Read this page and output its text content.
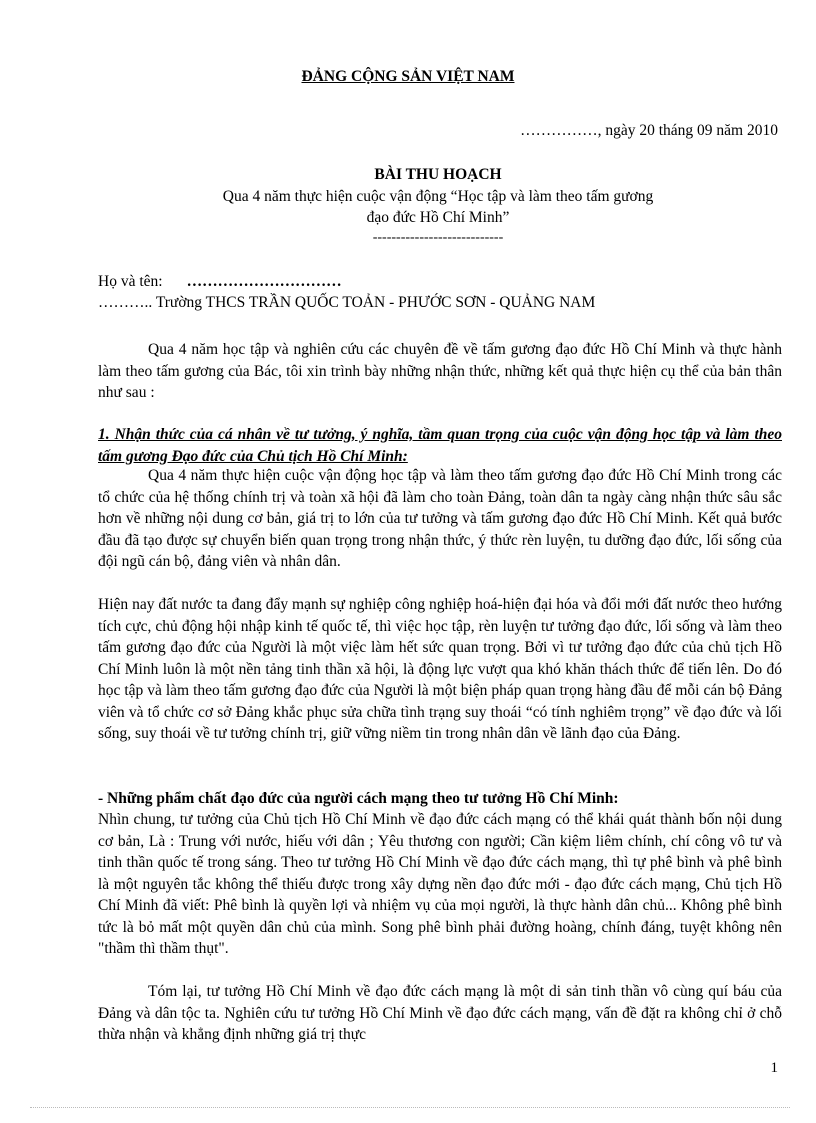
ĐẢNG CỘNG SẢN VIỆT NAM
……………, ngày 20 tháng 09 năm 2010
BÀI THU HOẠCH
Qua 4 năm thực hiện cuộc vận động “Học tập và làm theo tấm gương
đạo đức Hồ Chí Minh”
----------------------------
Họ và tên: …………………………
……….. Trường THCS TRẦN QUỐC TOẢN - PHƯỚC SƠN - QUẢNG NAM

Qua 4 năm học tập và nghiên cứu các chuyên đề về tấm gương đạo đức Hồ Chí Minh và thực hành làm theo tấm gương của Bác, tôi xin trình bày những nhận thức, những kết quả thực hiện cụ thể của bản thân như sau :

1. Nhận thức của cá nhân về tư tưởng, ý nghĩa, tầm quan trọng của cuộc vận động học tập và làm theo tấm gương Đạo đức của Chủ tịch Hồ Chí Minh:

Qua 4 năm thực hiện cuộc vận động học tập và làm theo tấm gương đạo đức Hồ Chí Minh trong các tổ chức của hệ thống chính trị và toàn xã hội đã làm cho toàn Đảng, toàn dân ta ngày càng nhận thức sâu sắc hơn về những nội dung cơ bản, giá trị to lớn của tư tưởng và tấm gương đạo đức Hồ Chí Minh. Kết quả bước đầu đã tạo được sự chuyển biến quan trọng trong nhận thức, ý thức rèn luyện, tu dưỡng đạo đức, lối sống của đội ngũ cán bộ, đảng viên và nhân dân.

Hiện nay đất nước ta đang đẩy mạnh sự nghiệp công nghiệp hoá-hiện đại hóa và đổi mới đất nước theo hướng tích cực, chủ động hội nhập kinh tế quốc tế, thì việc học tập, rèn luyện tư tưởng đạo đức, lối sống và làm theo tấm gương đạo đức của Người là một việc làm hết sức quan trọng. Bởi vì tư tưởng đạo đức của chủ tịch Hồ Chí Minh luôn là một nền tảng tinh thần xã hội, là động lực vượt qua khó khăn thách thức để tiến lên. Do đó học tập và làm theo tấm gương đạo đức của Người là một biện pháp quan trọng hàng đầu để mỗi cán bộ Đảng viên và tổ chức cơ sở Đảng khắc phục sửa chữa tình trạng suy thoái “có tính nghiêm trọng” về đạo đức và lối sống, suy thoái về tư tưởng chính trị, giữ vững niềm tin trong nhân dân về lãnh đạo của Đảng.

- Những phẩm chất đạo đức của người cách mạng theo tư tưởng Hồ Chí Minh:

Nhìn chung, tư tưởng của Chủ tịch Hồ Chí Minh về đạo đức cách mạng có thể khái quát thành bốn nội dung cơ bản, Là : Trung với nước, hiếu với dân ; Yêu thương con người; Cần kiệm liêm chính, chí công vô tư và tinh thần quốc tế trong sáng. Theo tư tưởng Hồ Chí Minh về đạo đức cách mạng, thì tự phê bình và phê bình là một nguyên tắc không thể thiếu được trong xây dựng nền đạo đức mới - đạo đức cách mạng, Chủ tịch Hồ Chí Minh đã viết: Phê bình là quyền lợi và nhiệm vụ của mọi người, là thực hành dân chủ... Không phê bình tức là bỏ mất một quyền dân chủ của mình. Song phê bình phải đường hoàng, chính đáng, tuyệt không nên "thầm thì thầm thụt".

Tóm lại, tư tưởng Hồ Chí Minh về đạo đức cách mạng là một di sản tinh thần vô cùng quí báu của Đảng và dân tộc ta. Nghiên cứu tư tưởng Hồ Chí Minh về đạo đức cách mạng, vấn đề đặt ra không chỉ ở chỗ thừa nhận và khẳng định những giá trị thực

1
